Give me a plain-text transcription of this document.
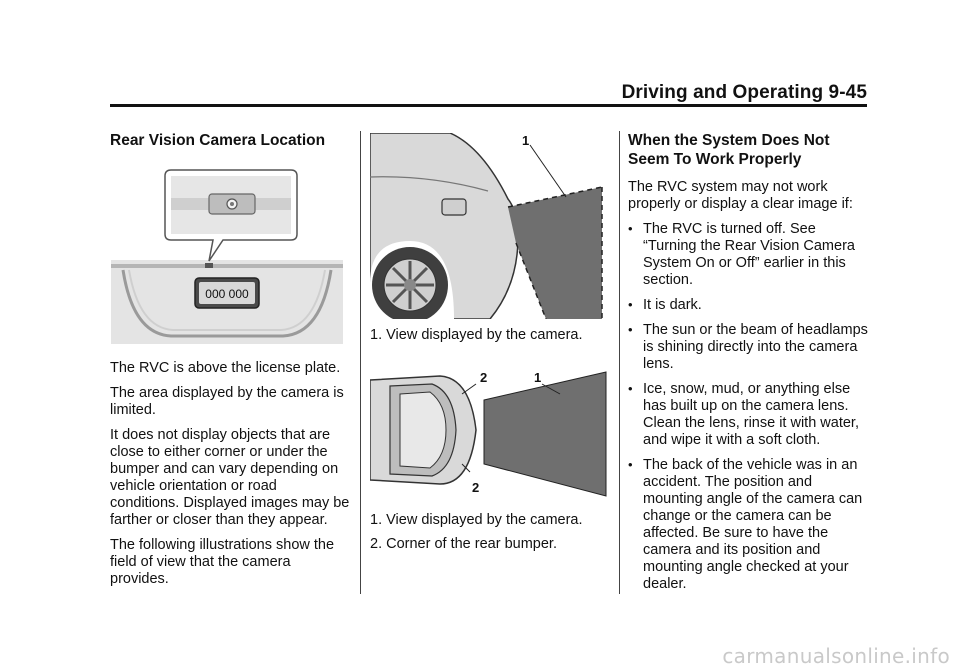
Driving and Operating 9-45
Rear Vision Camera Location
000 000

The RVC is above the license plate.

The area displayed by the camera is limited.

It does not display objects that are close to either corner or under the bumper and can vary depending on vehicle orientation or road conditions. Displayed images may be farther or closer than they appear.

The following illustrations show the field of view that the camera provides.

1

1. View displayed by the camera.

2	1
2

1. View displayed by the camera.

2. Corner of the rear bumper.

When the System Does Not Seem To Work Properly

The RVC system may not work properly or display a clear image if:

• The RVC is turned off. See “Turning the Rear Vision Camera System On or Off” earlier in this section.
• It is dark.
• The sun or the beam of headlamps is shining directly into the camera lens.
• Ice, snow, mud, or anything else has built up on the camera lens. Clean the lens, rinse it with water, and wipe it with a soft cloth.
• The back of the vehicle was in an accident. The position and mounting angle of the camera can change or the camera can be affected. Be sure to have the camera and its position and mounting angle checked at your dealer.
carmanualsonline.info
